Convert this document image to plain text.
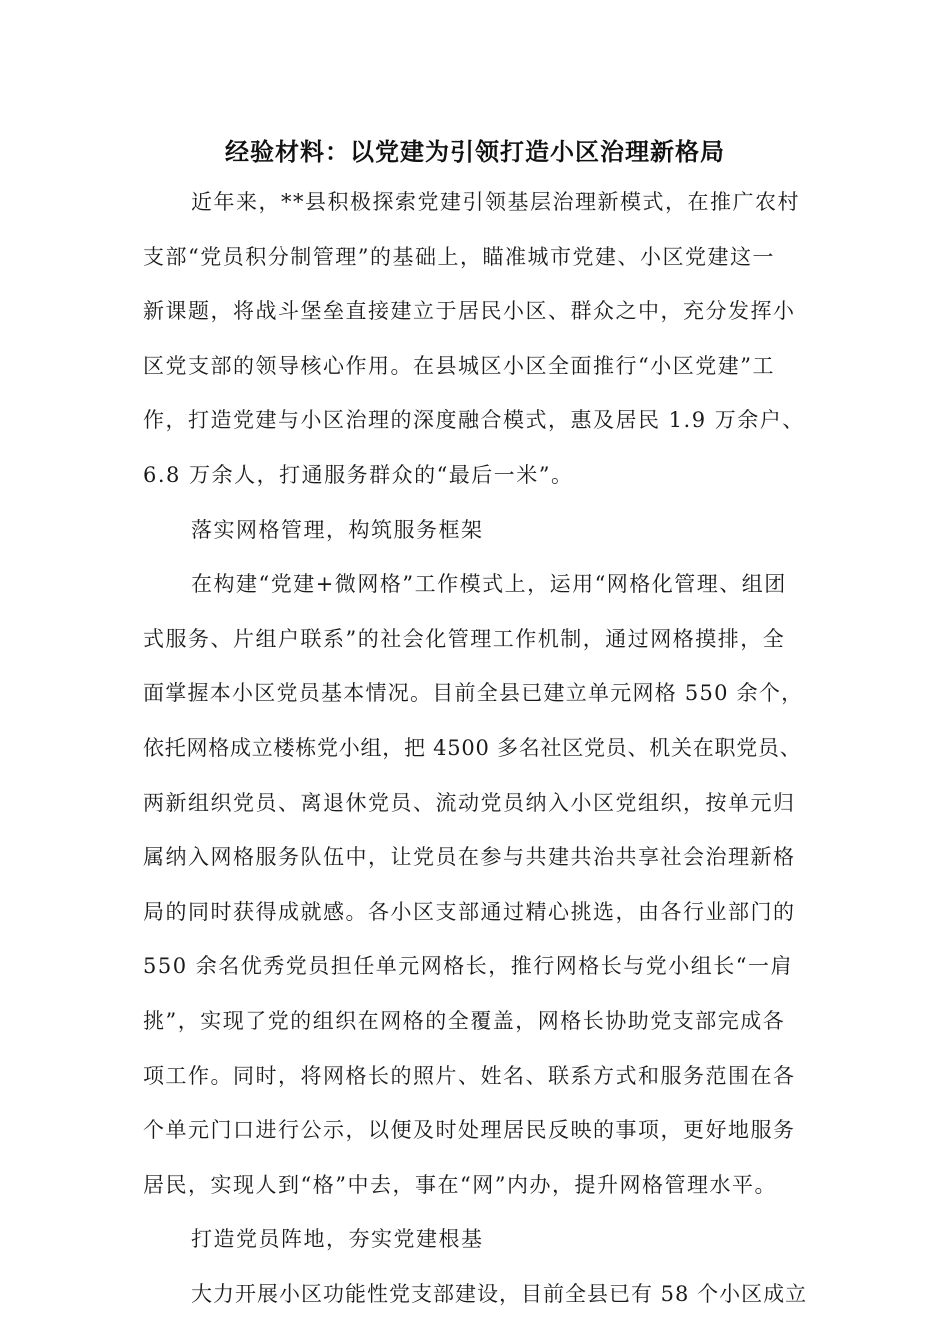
经验材料：以党建为引领打造小区治理新格局
近年来，**县积极探索党建引领基层治理新模式，在推广农村
支部“党员积分制管理”的基础上，瞄准城市党建、小区党建这一
新课题，将战斗堡垒直接建立于居民小区、群众之中，充分发挥小
区党支部的领导核心作用。在县城区小区全面推行“小区党建”工
作，打造党建与小区治理的深度融合模式，惠及居民 1.9 万余户、
6.8 万余人，打通服务群众的“最后一米”。
落实网格管理，构筑服务框架
在构建“党建+微网格”工作模式上，运用“网格化管理、组团
式服务、片组户联系”的社会化管理工作机制，通过网格摸排，全
面掌握本小区党员基本情况。目前全县已建立单元网格 550 余个，
依托网格成立楼栋党小组，把 4500 多名社区党员、机关在职党员、
两新组织党员、离退休党员、流动党员纳入小区党组织，按单元归
属纳入网格服务队伍中，让党员在参与共建共治共享社会治理新格
局的同时获得成就感。各小区支部通过精心挑选，由各行业部门的
550 余名优秀党员担任单元网格长，推行网格长与党小组长“一肩
挑”，实现了党的组织在网格的全覆盖，网格长协助党支部完成各
项工作。同时，将网格长的照片、姓名、联系方式和服务范围在各
个单元门口进行公示，以便及时处理居民反映的事项，更好地服务
居民，实现人到“格”中去，事在“网”内办，提升网格管理水平。
打造党员阵地，夯实党建根基
大力开展小区功能性党支部建设，目前全县已有 58 个小区成立
